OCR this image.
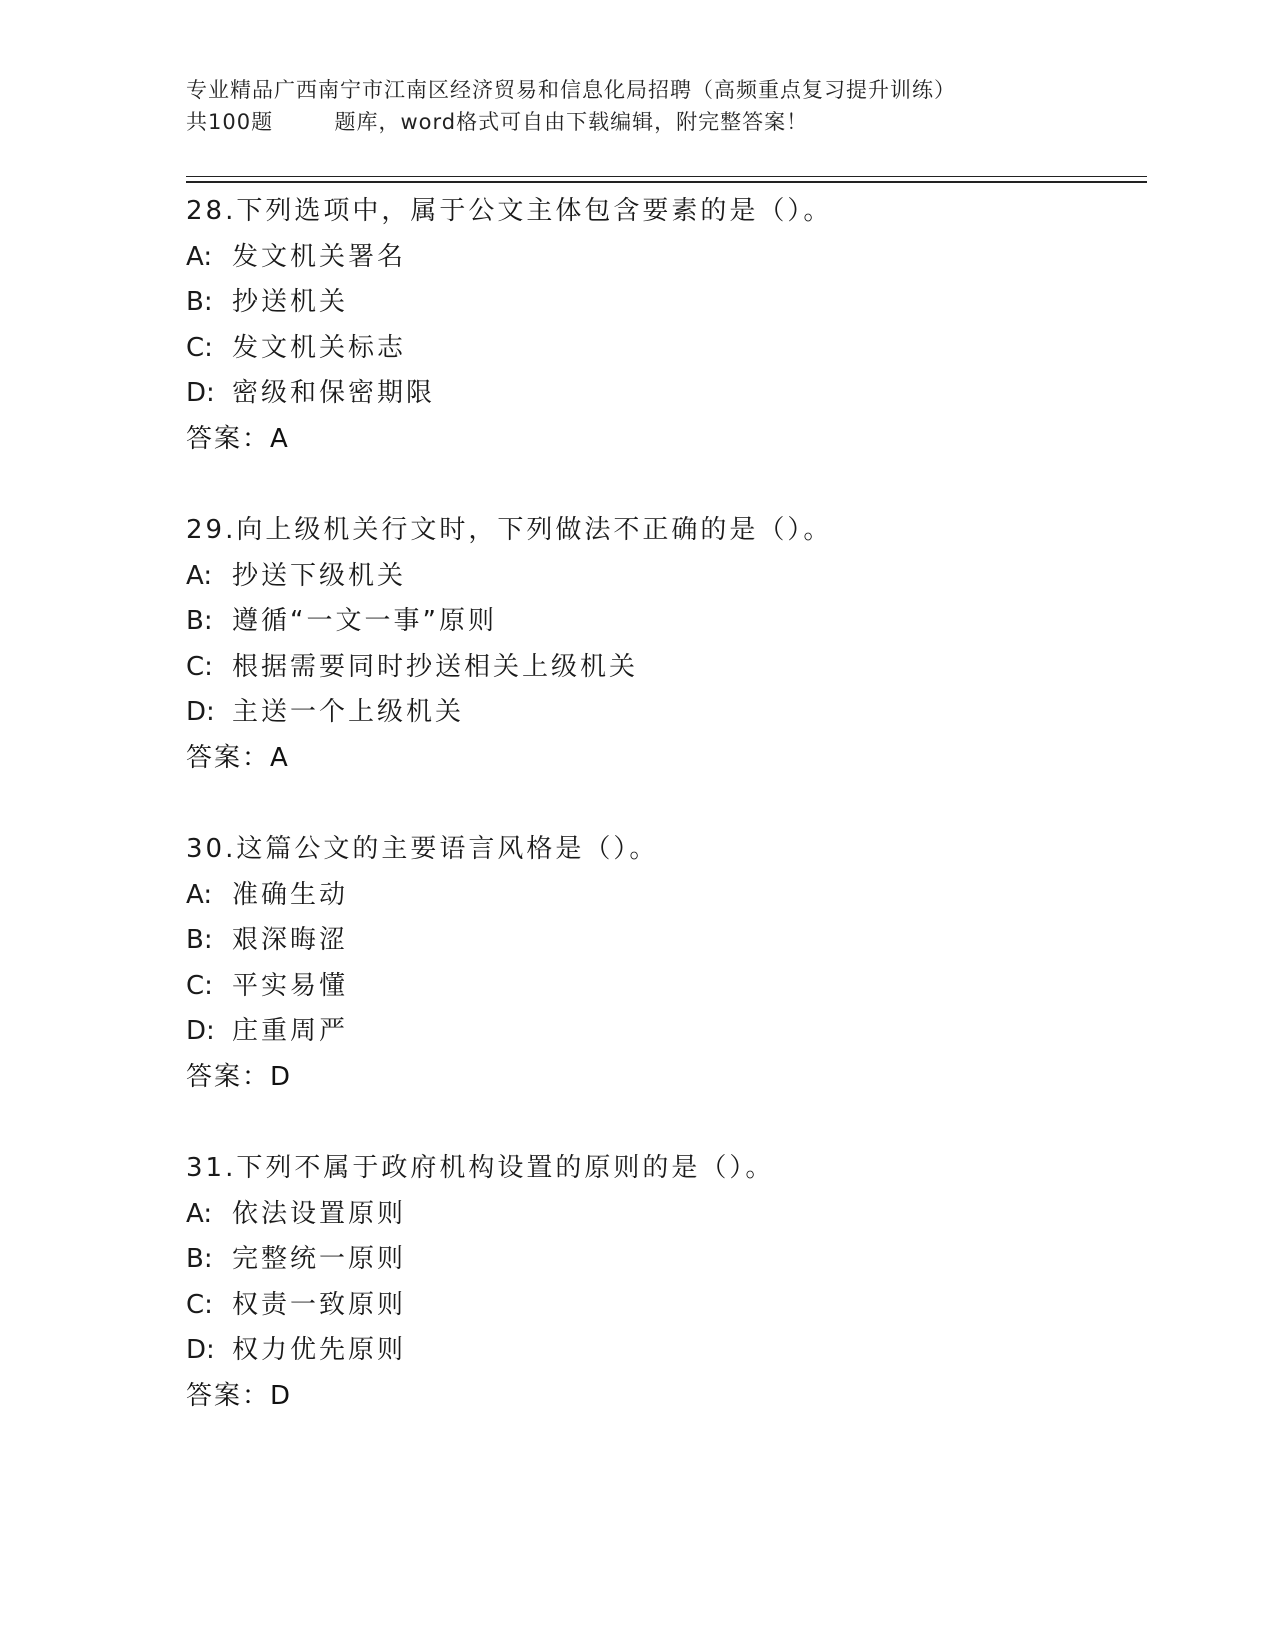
专业精品广西南宁市江南区经济贸易和信息化局招聘（高频重点复习提升训练）
共100题        题库，word格式可自由下载编辑，附完整答案！
28.下列选项中，属于公文主体包含要素的是（）。
A: 发文机关署名
B: 抄送机关
C: 发文机关标志
D: 密级和保密期限
答案：A
29.向上级机关行文时，下列做法不正确的是（）。
A: 抄送下级机关
B: 遵循“一文一事”原则
C: 根据需要同时抄送相关上级机关
D: 主送一个上级机关
答案：A
30.这篇公文的主要语言风格是（）。
A: 准确生动
B: 艰深晦涩
C: 平实易懂
D: 庄重周严
答案：D
31.下列不属于政府机构设置的原则的是（）。
A: 依法设置原则
B: 完整统一原则
C: 权责一致原则
D: 权力优先原则
答案：D
